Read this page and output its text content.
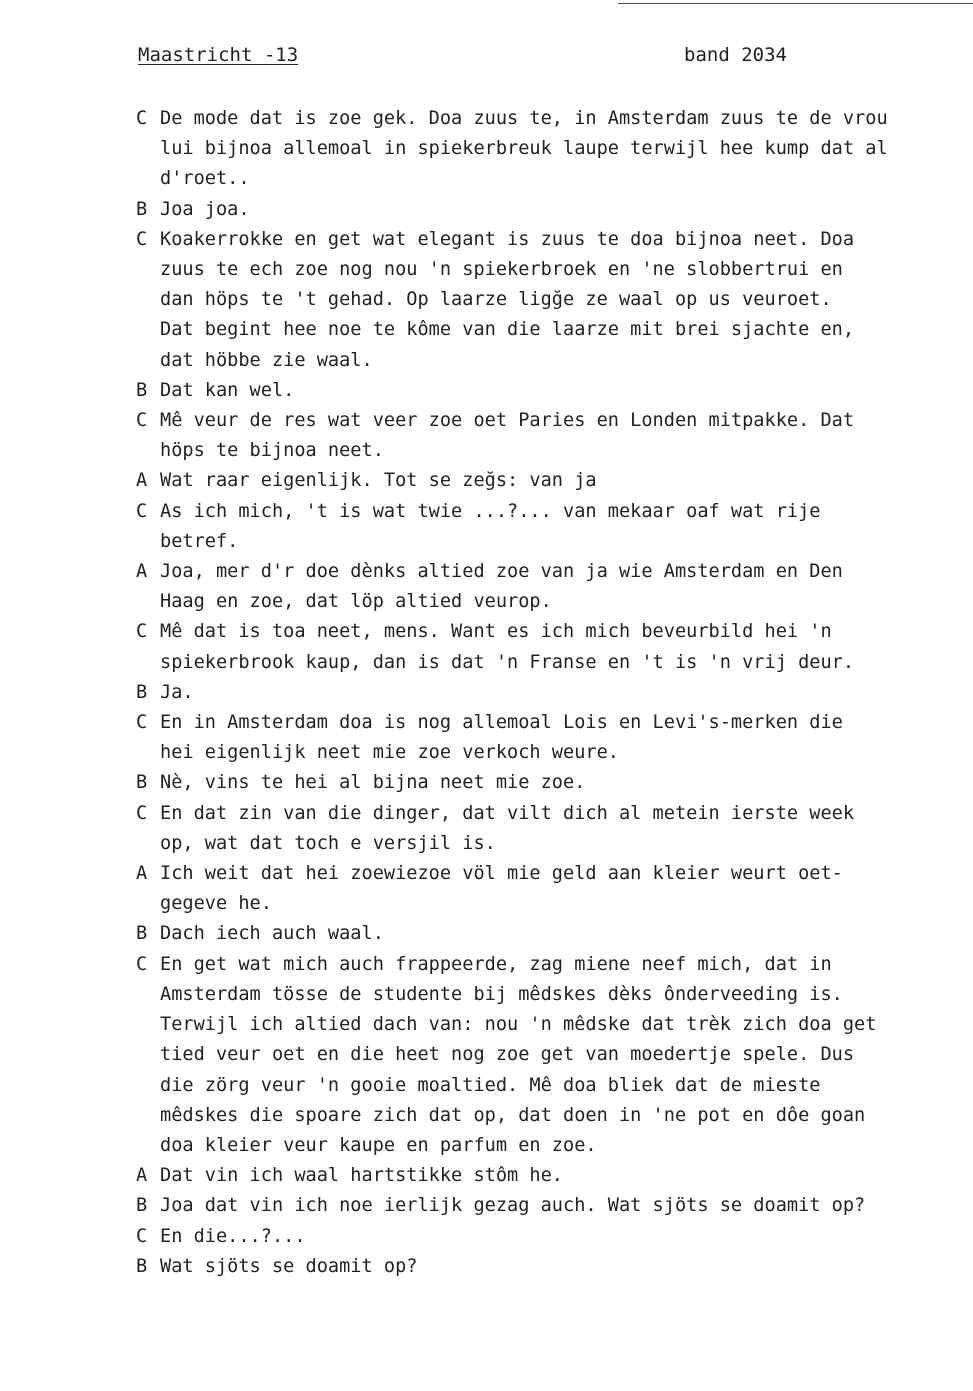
Maastricht -13	band 2034
C De mode dat is zoe gek. Doa zuus te, in Amsterdam zuus te de vrou
lui bijnoa allemoal in spiekerbreuk laupe terwijl hee kump dat al
d'roet..
B Joa joa.
C Koakerrokke en get wat elegant is zuus te doa bijnoa neet. Doa
zuus te ech zoe nog nou 'n spiekerbroek en 'ne slobbertrui en
dan höps te 't gehad. Op laarze ligğe ze waal op us veuroet.
Dat begint hee noe te kôme van die laarze mit brei sjachte en,
dat höbbe zie waal.
B Dat kan wel.
C Mê veur de res wat veer zoe oet Paries en Londen mitpakke. Dat
höps te bijnoa neet.
A Wat raar eigenlijk. Tot se zeğs: van ja
C As ich mich, 't is wat twie ...?... van mekaar oaf wat rije
betref.
A Joa, mer d'r doe dènks altied zoe van ja wie Amsterdam en Den
Haag en zoe, dat löp altied veurop.
C Mê dat is toa neet, mens. Want es ich mich beveurbild hei 'n
spiekerbrook kaup, dan is dat 'n Franse en 't is 'n vrij deur.
B Ja.
C En in Amsterdam doa is nog allemoal Lois en Levi's-merken die
hei eigenlijk neet mie zoe verkoch weure.
B Nè, vins te hei al bijna neet mie zoe.
C En dat zin van die dinger, dat vilt dich al metein ierste week
op, wat dat toch e versjil is.
A Ich weit dat hei zoewiezoe völ mie geld aan kleier weurt oet-
gegeve he.
B Dach iech auch waal.
C En get wat mich auch frappeerde, zag miene neef mich, dat in
Amsterdam tösse de studente bij mêdskes dèks ônderveeding is.
Terwijl ich altied dach van: nou 'n mêdske dat trèk zich doa get
tied veur oet en die heet nog zoe get van moedertje spele. Dus
die zörg veur 'n gooie moaltied. Mê doa bliek dat de mieste
mêdskes die spoare zich dat op, dat doen in 'ne pot en dôe goan
doa kleier veur kaupe en parfum en zoe.
A Dat vin ich waal hartstikke stôm he.
B Joa dat vin ich noe ierlijk gezag auch. Wat sjöts se doamit op?
C En die...?...
B Wat sjöts se doamit op?
